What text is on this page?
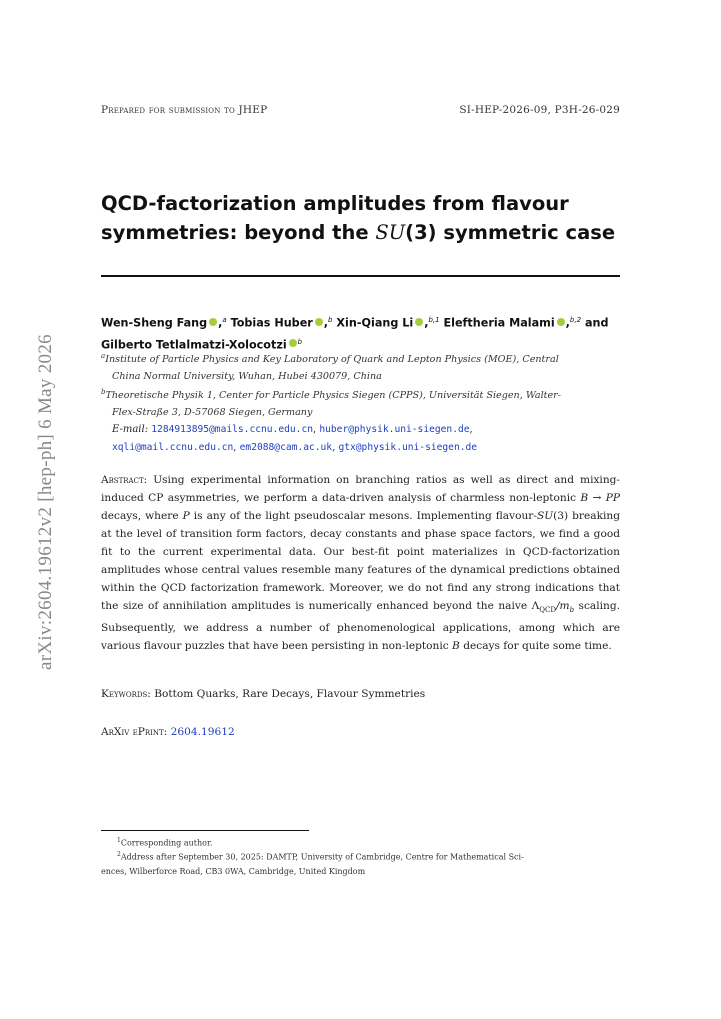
Prepared for submission to JHEP	SI-HEP-2026-09, P3H-26-029
arXiv:2604.19612v2 [hep-ph] 6 May 2026
QCD-factorization amplitudes from flavour
symmetries: beyond the SU(3) symmetric case
Wen-Sheng Fang ,$^a$ Tobias Huber ,$^b$ Xin-Qiang Li ,$^{b,1}$ Eleftheria Malami ,$^{b,2}$ and
Gilberto Tetlalmatzi-Xolocotzi $^b$
$^a$Institute of Particle Physics and Key Laboratory of Quark and Lepton Physics (MOE), Central
China Normal University, Wuhan, Hubei 430079, China
$^b$Theoretische Physik 1, Center for Particle Physics Siegen (CPPS), Universität Siegen, Walter-
Flex-Straße 3, D-57068 Siegen, Germany
E-mail: 1284913895@mails.ccnu.edu.cn, huber@physik.uni-siegen.de,
xqli@mail.ccnu.edu.cn, em2088@cam.ac.uk, gtx@physik.uni-siegen.de
Abstract: Using experimental information on branching ratios as well as direct and mixing-induced CP asymmetries, we perform a data-driven analysis of charmless non-leptonic B → PP decays, where P is any of the light pseudoscalar mesons. Implementing flavour-SU(3) breaking at the level of transition form factors, decay constants and phase space factors, we find a good fit to the current experimental data. Our best-fit point materializes in QCD-factorization amplitudes whose central values resemble many features of the dynamical predictions obtained within the QCD factorization framework. Moreover, we do not find any strong indications that the size of annihilation amplitudes is numerically enhanced beyond the naive $\Lambda_{QCD}/m_b$ scaling. Subsequently, we address a number of phenomenological applications, among which are various flavour puzzles that have been persisting in non-leptonic B decays for quite some time.
Keywords: Bottom Quarks, Rare Decays, Flavour Symmetries
ArXiv ePrint: 2604.19612
$^1$Corresponding author.
$^2$Address after September 30, 2025: DAMTP, University of Cambridge, Centre for Mathematical Sci-
ences, Wilberforce Road, CB3 0WA, Cambridge, United Kingdom
